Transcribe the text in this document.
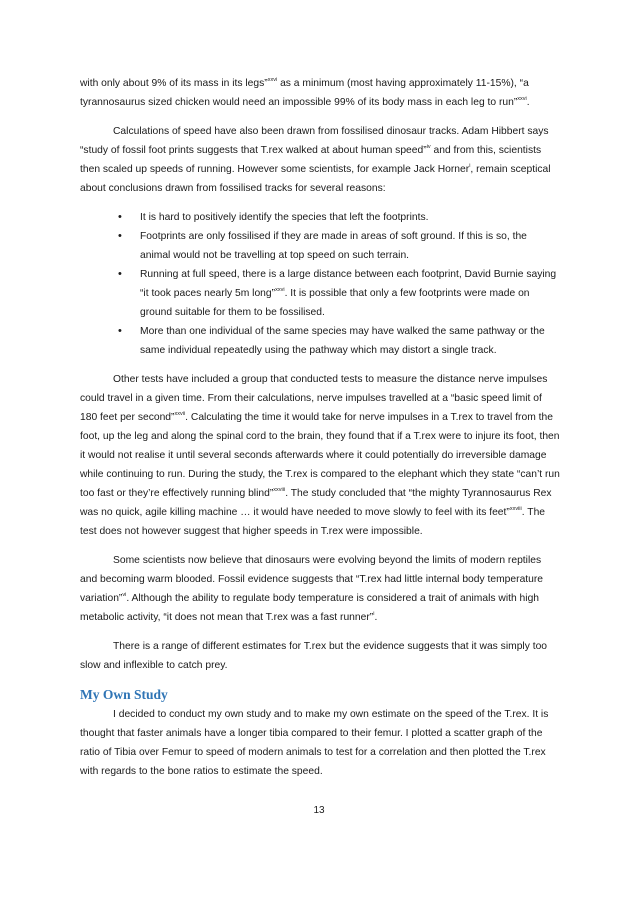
with only about 9% of its mass in its legs”$^{xxvi}$ as a minimum (most having approximately 11-15%), “a tyrannosaurus sized chicken would need an impossible 99% of its body mass in each leg to run”$^{xxvi}$.

Calculations of speed have also been drawn from fossilised dinosaur tracks. Adam Hibbert says “study of fossil foot prints suggests that T.rex walked at about human speed”$^{iv}$ and from this, scientists then scaled up speeds of running. However some scientists, for example Jack Horner$^i$, remain sceptical about conclusions drawn from fossilised tracks for several reasons:

• It is hard to positively identify the species that left the footprints.
• Footprints are only fossilised if they are made in areas of soft ground. If this is so, the animal would not be travelling at top speed on such terrain.
• Running at full speed, there is a large distance between each footprint, David Burnie saying “it took paces nearly 5m long”$^{xxvi}$. It is possible that only a few footprints were made on ground suitable for them to be fossilised.
• More than one individual of the same species may have walked the same pathway or the same individual repeatedly using the pathway which may distort a single track.

Other tests have included a group that conducted tests to measure the distance nerve impulses could travel in a given time. From their calculations, nerve impulses travelled at a “basic speed limit of 180 feet per second”$^{xxvii}$. Calculating the time it would take for nerve impulses in a T.rex to travel from the foot, up the leg and along the spinal cord to the brain, they found that if a T.rex were to injure its foot, then it would not realise it until several seconds afterwards where it could potentially do irreversible damage while continuing to run. During the study, the T.rex is compared to the elephant which they state “can’t run too fast or they’re effectively running blind”$^{xxviii}$. The study concluded that “the mighty Tyrannosaurus Rex was no quick, agile killing machine … it would have needed to move slowly to feel with its feet”$^{xxviii}$. The test does not however suggest that higher speeds in T.rex were impossible.

Some scientists now believe that dinosaurs were evolving beyond the limits of modern reptiles and becoming warm blooded. Fossil evidence suggests that “T.rex had little internal body temperature variation”$^{vi}$. Although the ability to regulate body temperature is considered a trait of animals with high metabolic activity, “it does not mean that T.rex was a fast runner”$^i$.

There is a range of different estimates for T.rex but the evidence suggests that it was simply too slow and inflexible to catch prey.

My Own Study

I decided to conduct my own study and to make my own estimate on the speed of the T.rex. It is thought that faster animals have a longer tibia compared to their femur. I plotted a scatter graph of the ratio of Tibia over Femur to speed of modern animals to test for a correlation and then plotted the T.rex with regards to the bone ratios to estimate the speed.

13
